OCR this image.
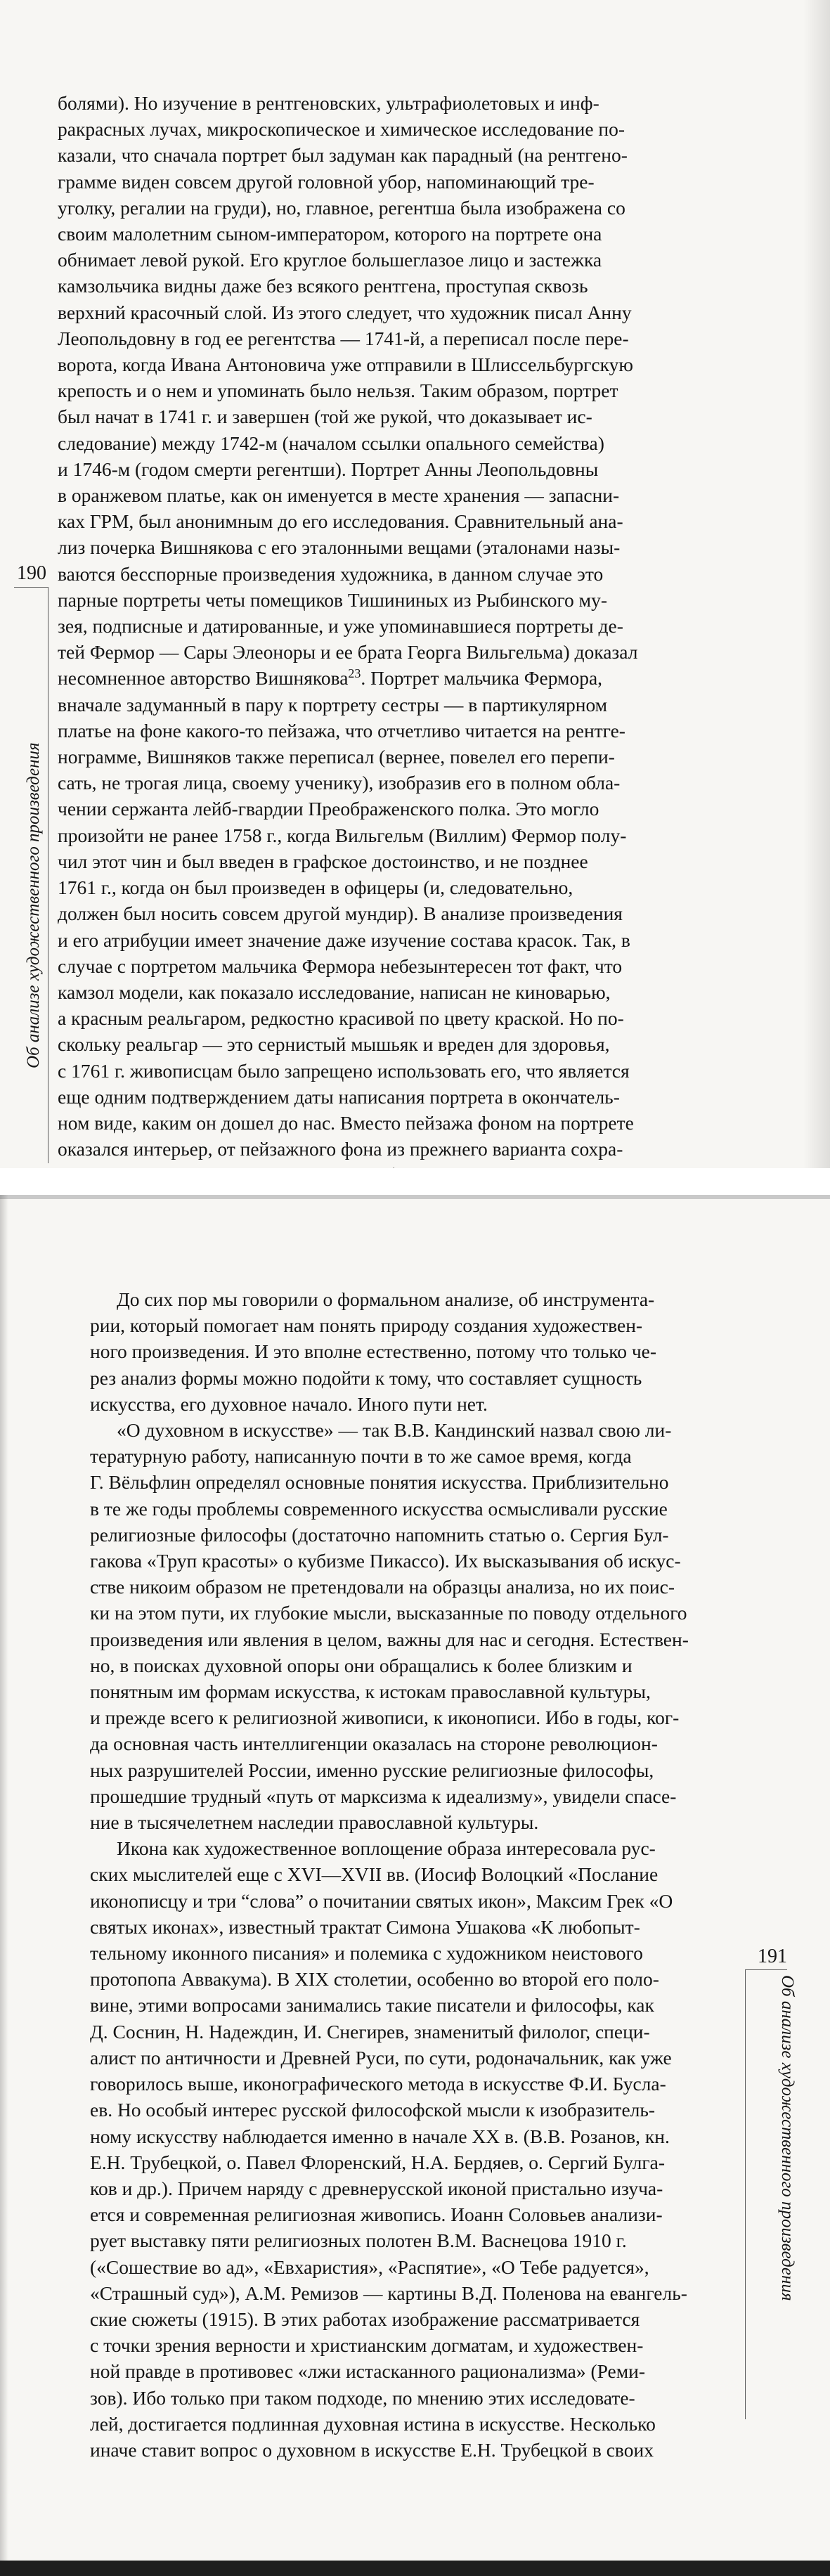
190
Об анализе художественного произведения
болями). Но изучение в рентгеновских, ультрафиолетовых и инф-
ракрасных лучах, микроскопическое и химическое исследование по-
казали, что сначала портрет был задуман как парадный (на рентгено-
грамме виден совсем другой головной убор, напоминающий тре-
уголку, регалии на груди), но, главное, регентша была изображена со
своим малолетним сыном-императором, которого на портрете она
обнимает левой рукой. Его круглое большеглазое лицо и застежка
камзольчика видны даже без всякого рентгена, проступая сквозь
верхний красочный слой. Из этого следует, что художник писал Анну
Леопольдовну в год ее регентства — 1741-й, а переписал после пере-
ворота, когда Ивана Антоновича уже отправили в Шлиссельбургскую
крепость и о нем и упоминать было нельзя. Таким образом, портрет
был начат в 1741 г. и завершен (той же рукой, что доказывает ис-
следование) между 1742-м (началом ссылки опального семейства)
и 1746-м (годом смерти регентши). Портрет Анны Леопольдовны
в оранжевом платье, как он именуется в месте хранения — запасни-
ках ГРМ, был анонимным до его исследования. Сравнительный ана-
лиз почерка Вишнякова с его эталонными вещами (эталонами назы-
ваются бесспорные произведения художника, в данном случае это
парные портреты четы помещиков Тишининых из Рыбинского му-
зея, подписные и датированные, и уже упоминавшиеся портреты де-
тей Фермор — Сары Элеоноры и ее брата Георга Вильгельма) доказал
несомненное авторство Вишнякова$^{23}$. Портрет мальчика Фермора,
вначале задуманный в пару к портрету сестры — в партикулярном
платье на фоне какого-то пейзажа, что отчетливо читается на рентге-
нограмме, Вишняков также переписал (вернее, повелел его перепи-
сать, не трогая лица, своему ученику), изобразив его в полном обла-
чении сержанта лейб-гвардии Преображенского полка. Это могло
произойти не ранее 1758 г., когда Вильгельм (Виллим) Фермор полу-
чил этот чин и был введен в графское достоинство, и не позднее
1761 г., когда он был произведен в офицеры (и, следовательно,
должен был носить совсем другой мундир). В анализе произведения
и его атрибуции имеет значение даже изучение состава красок. Так, в
случае с портретом мальчика Фермора небезынтересен тот факт, что
камзол модели, как показало исследование, написан не киноварью,
а красным реальгаром, редкостно красивой по цвету краской. Но по-
скольку реальгар — это сернистый мышьяк и вреден для здоровья,
с 1761 г. живописцам было запрещено использовать его, что является
еще одним подтверждением даты написания портрета в окончатель-
ном виде, каким он дошел до нас. Вместо пейзажа фоном на портрете
оказался интерьер, от пейзажного фона из прежнего варианта сохра-
191
Об анализе художественного произведения
До сих пор мы говорили о формальном анализе, об инструмента-
рии, который помогает нам понять природу создания художествен-
ного произведения. И это вполне естественно, потому что только че-
рез анализ формы можно подойти к тому, что составляет сущность
искусства, его духовное начало. Иного пути нет.
«О духовном в искусстве» — так В.В. Кандинский назвал свою ли-
тературную работу, написанную почти в то же самое время, когда
Г. Вёльфлин определял основные понятия искусства. Приблизительно
в те же годы проблемы современного искусства осмысливали русские
религиозные философы (достаточно напомнить статью о. Сергия Бул-
гакова «Труп красоты» о кубизме Пикассо). Их высказывания об искус-
стве никоим образом не претендовали на образцы анализа, но их поис-
ки на этом пути, их глубокие мысли, высказанные по поводу отдельного
произведения или явления в целом, важны для нас и сегодня. Естествен-
но, в поисках духовной опоры они обращались к более близким и
понятным им формам искусства, к истокам православной культуры,
и прежде всего к религиозной живописи, к иконописи. Ибо в годы, ког-
да основная часть интеллигенции оказалась на стороне революцион-
ных разрушителей России, именно русские религиозные философы,
прошедшие трудный «путь от марксизма к идеализму», увидели спасе-
ние в тысячелетнем наследии православной культуры.
Икона как художественное воплощение образа интересовала рус-
ских мыслителей еще с XVI—XVII вв. (Иосиф Волоцкий «Послание
иконописцу и три “слова” о почитании святых икон», Максим Грек «О
святых иконах», известный трактат Симона Ушакова «К любопыт-
тельному иконного писания» и полемика с художником неистового
протопопа Аввакума). В XIX столетии, особенно во второй его поло-
вине, этими вопросами занимались такие писатели и философы, как
Д. Соснин, Н. Надеждин, И. Снегирев, знаменитый филолог, специ-
алист по античности и Древней Руси, по сути, родоначальник, как уже
говорилось выше, иконографического метода в искусстве Ф.И. Бусла-
ев. Но особый интерес русской философской мысли к изобразитель-
ному искусству наблюдается именно в начале XX в. (В.В. Розанов, кн.
Е.Н. Трубецкой, о. Павел Флоренский, Н.А. Бердяев, о. Сергий Булга-
ков и др.). Причем наряду с древнерусской иконой пристально изуча-
ется и современная религиозная живопись. Иоанн Соловьев анализи-
рует выставку пяти религиозных полотен В.М. Васнецова 1910 г.
(«Сошествие во ад», «Евхаристия», «Распятие», «О Тебе радуется»,
«Страшный суд»), А.М. Ремизов — картины В.Д. Поленова на евангель-
ские сюжеты (1915). В этих работах изображение рассматривается
с точки зрения верности и христианским догматам, и художествен-
ной правде в противовес «лжи истасканного рационализма» (Реми-
зов). Ибо только при таком подходе, по мнению этих исследовате-
лей, достигается подлинная духовная истина в искусстве. Несколько
иначе ставит вопрос о духовном в искусстве Е.Н. Трубецкой в своих
